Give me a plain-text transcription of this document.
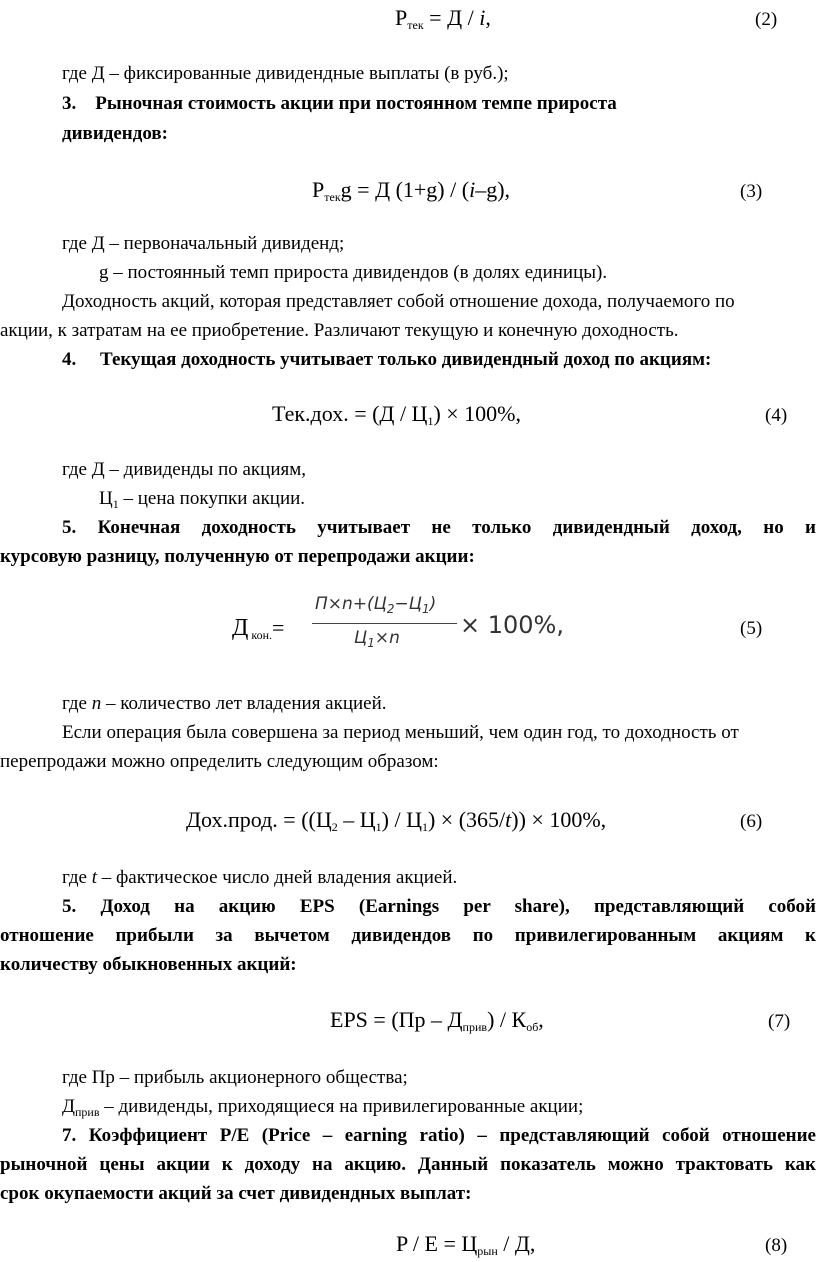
$P_{тек} = Д / i$,	(2)
где Д – фиксированные дивидендные выплаты (в руб.);
3. Рыночная стоимость акции при постоянном темпе прироста
дивидендов:
$P_{тек}g = Д$ (1+g) / (i–g),	(3)
где Д – первоначальный дивиденд;
g – постоянный темп прироста дивидендов (в долях единицы).
Доходность акций, которая представляет собой отношение дохода, получаемого по
акции, к затратам на ее приобретение. Различают текущую и конечную доходность.
4. Текущая доходность учитывает только дивидендный доход по акциям:
Тек.дох. = $(Д / Ц_1) \times 100\%$,	(4)
где Д – дивиденды по акциям,
$Ц_1$ – цена покупки акции.
5. Конечная доходность учитывает не только дивидендный доход, но и
курсовую разницу, полученную от перепродажи акции:
Д $_{кон.}$=
$П\times n+(Ц_2-Ц_1)$
$Ц_1\times n$	× 100%,	(5)
где n – количество лет владения акцией.
Если операция была совершена за период меньший, чем один год, то доходность от
перепродажи можно определить следующим образом:
Дох.прод. = $((Ц_2 - Ц_1) / Ц_1) \times (365/t)) \times 100\%$,	(6)
где t – фактическое число дней владения акцией.
5. Доход на акцию EPS (Earnings per share), представляющий собой
отношение прибыли за вычетом дивидендов по привилегированным акциям к
количеству обыкновенных акций:
EPS = $(Пр - Д_{прив}) / К_{об}$,	(7)
где Пр – прибыль акционерного общества;
$Д_{прив}$ – дивиденды, приходящиеся на привилегированные акции;
7. Коэффициент P/E (Price – earning ratio) – представляющий собой отношение
рыночной цены акции к доходу на акцию. Данный показатель можно трактовать как
срок окупаемости акций за счет дивидендных выплат:
$P / E = Ц_{рын} / Д$,	(8)
